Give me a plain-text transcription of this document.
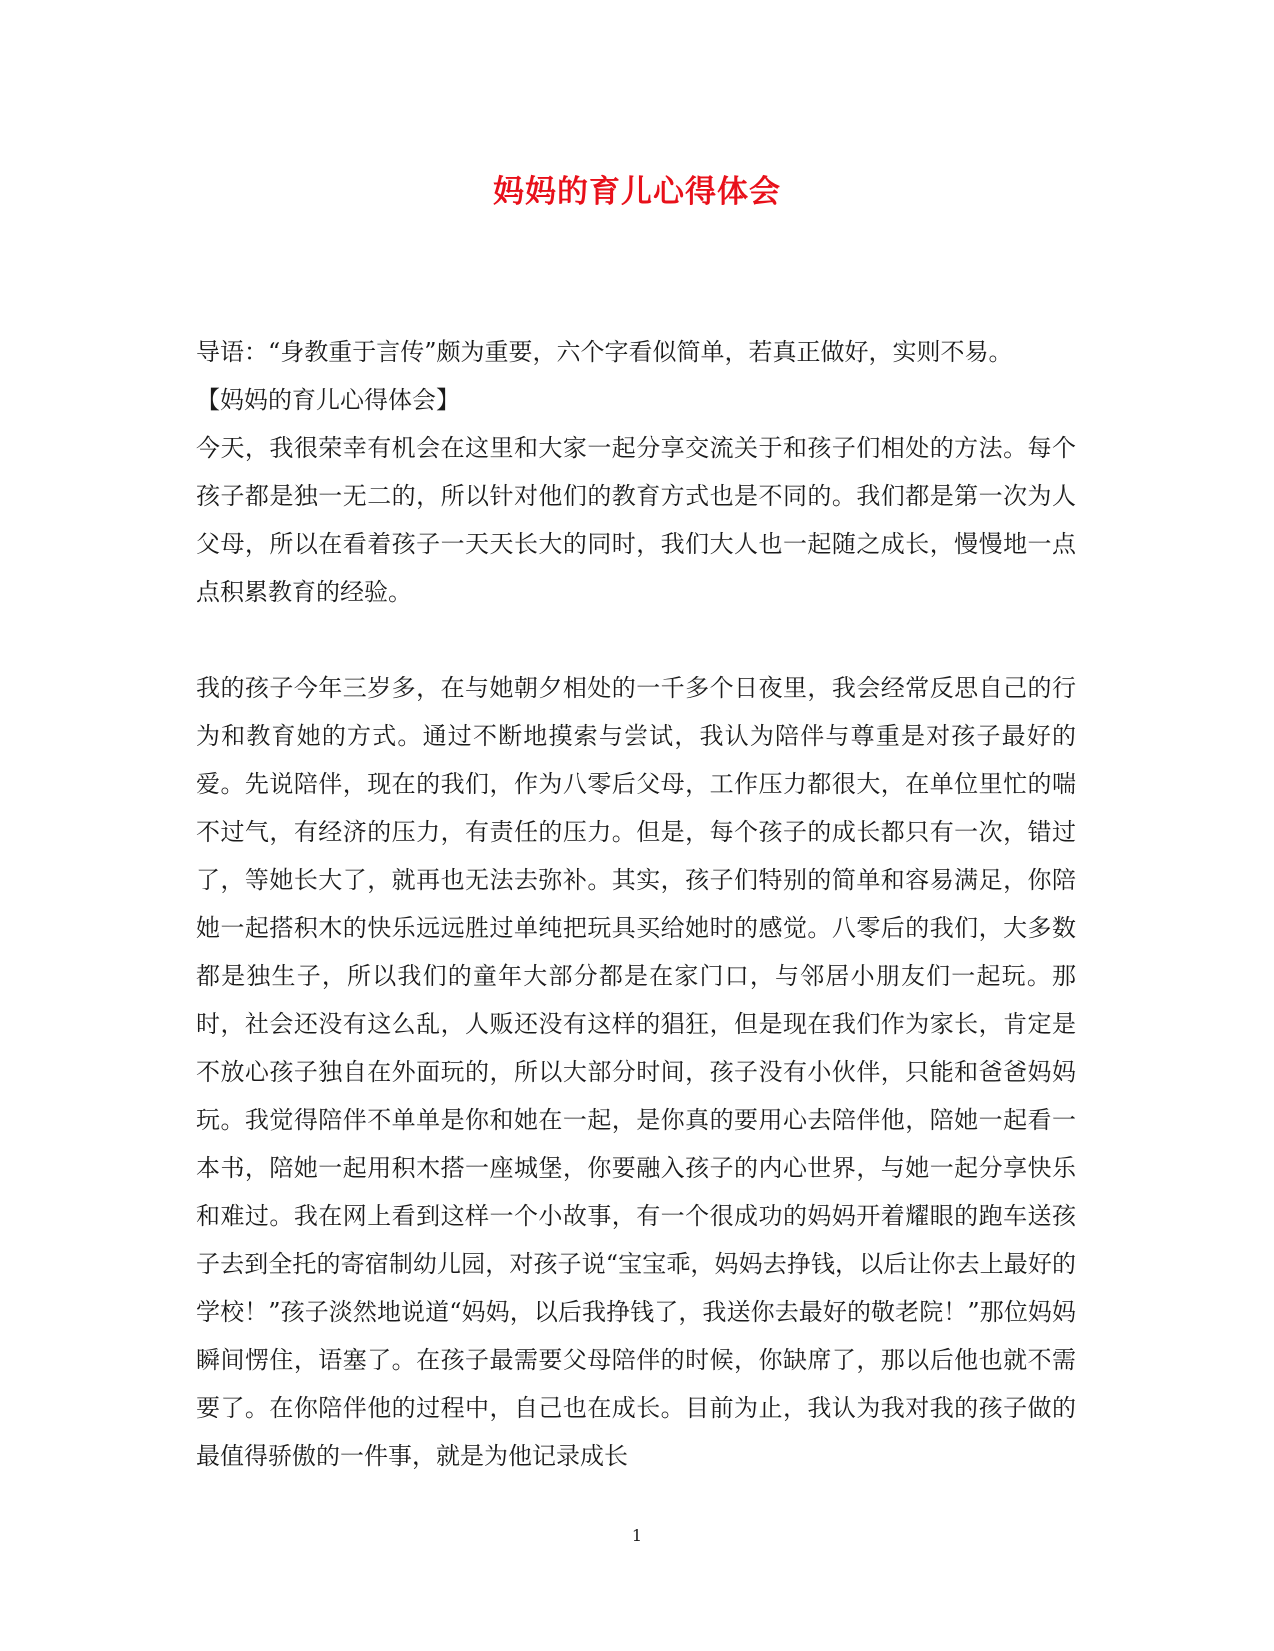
妈妈的育儿心得体会

导语：“身教重于言传”颇为重要，六个字看似简单，若真正做好，实则不易。

【妈妈的育儿心得体会】

今天，我很荣幸有机会在这里和大家一起分享交流关于和孩子们相处的方法。每个孩子都是独一无二的，所以针对他们的教育方式也是不同的。我们都是第一次为人父母，所以在看着孩子一天天长大的同时，我们大人也一起随之成长，慢慢地一点点积累教育的经验。

我的孩子今年三岁多，在与她朝夕相处的一千多个日夜里，我会经常反思自己的行为和教育她的方式。通过不断地摸索与尝试，我认为陪伴与尊重是对孩子最好的爱。先说陪伴，现在的我们，作为八零后父母，工作压力都很大，在单位里忙的喘不过气，有经济的压力，有责任的压力。但是，每个孩子的成长都只有一次，错过了，等她长大了，就再也无法去弥补。其实，孩子们特别的简单和容易满足，你陪她一起搭积木的快乐远远胜过单纯把玩具买给她时的感觉。八零后的我们，大多数都是独生子，所以我们的童年大部分都是在家门口，与邻居小朋友们一起玩。那时，社会还没有这么乱，人贩还没有这样的猖狂，但是现在我们作为家长，肯定是不放心孩子独自在外面玩的，所以大部分时间，孩子没有小伙伴，只能和爸爸妈妈玩。我觉得陪伴不单单是你和她在一起，是你真的要用心去陪伴他，陪她一起看一本书，陪她一起用积木搭一座城堡，你要融入孩子的内心世界，与她一起分享快乐和难过。我在网上看到这样一个小故事，有一个很成功的妈妈开着耀眼的跑车送孩子去到全托的寄宿制幼儿园，对孩子说“宝宝乖，妈妈去挣钱，以后让你去上最好的学校！”孩子淡然地说道“妈妈，以后我挣钱了，我送你去最好的敬老院！”那位妈妈瞬间愣住，语塞了。在孩子最需要父母陪伴的时候，你缺席了，那以后他也就不需要了。在你陪伴他的过程中，自己也在成长。目前为止，我认为我对我的孩子做的最值得骄傲的一件事，就是为他记录成长

1
